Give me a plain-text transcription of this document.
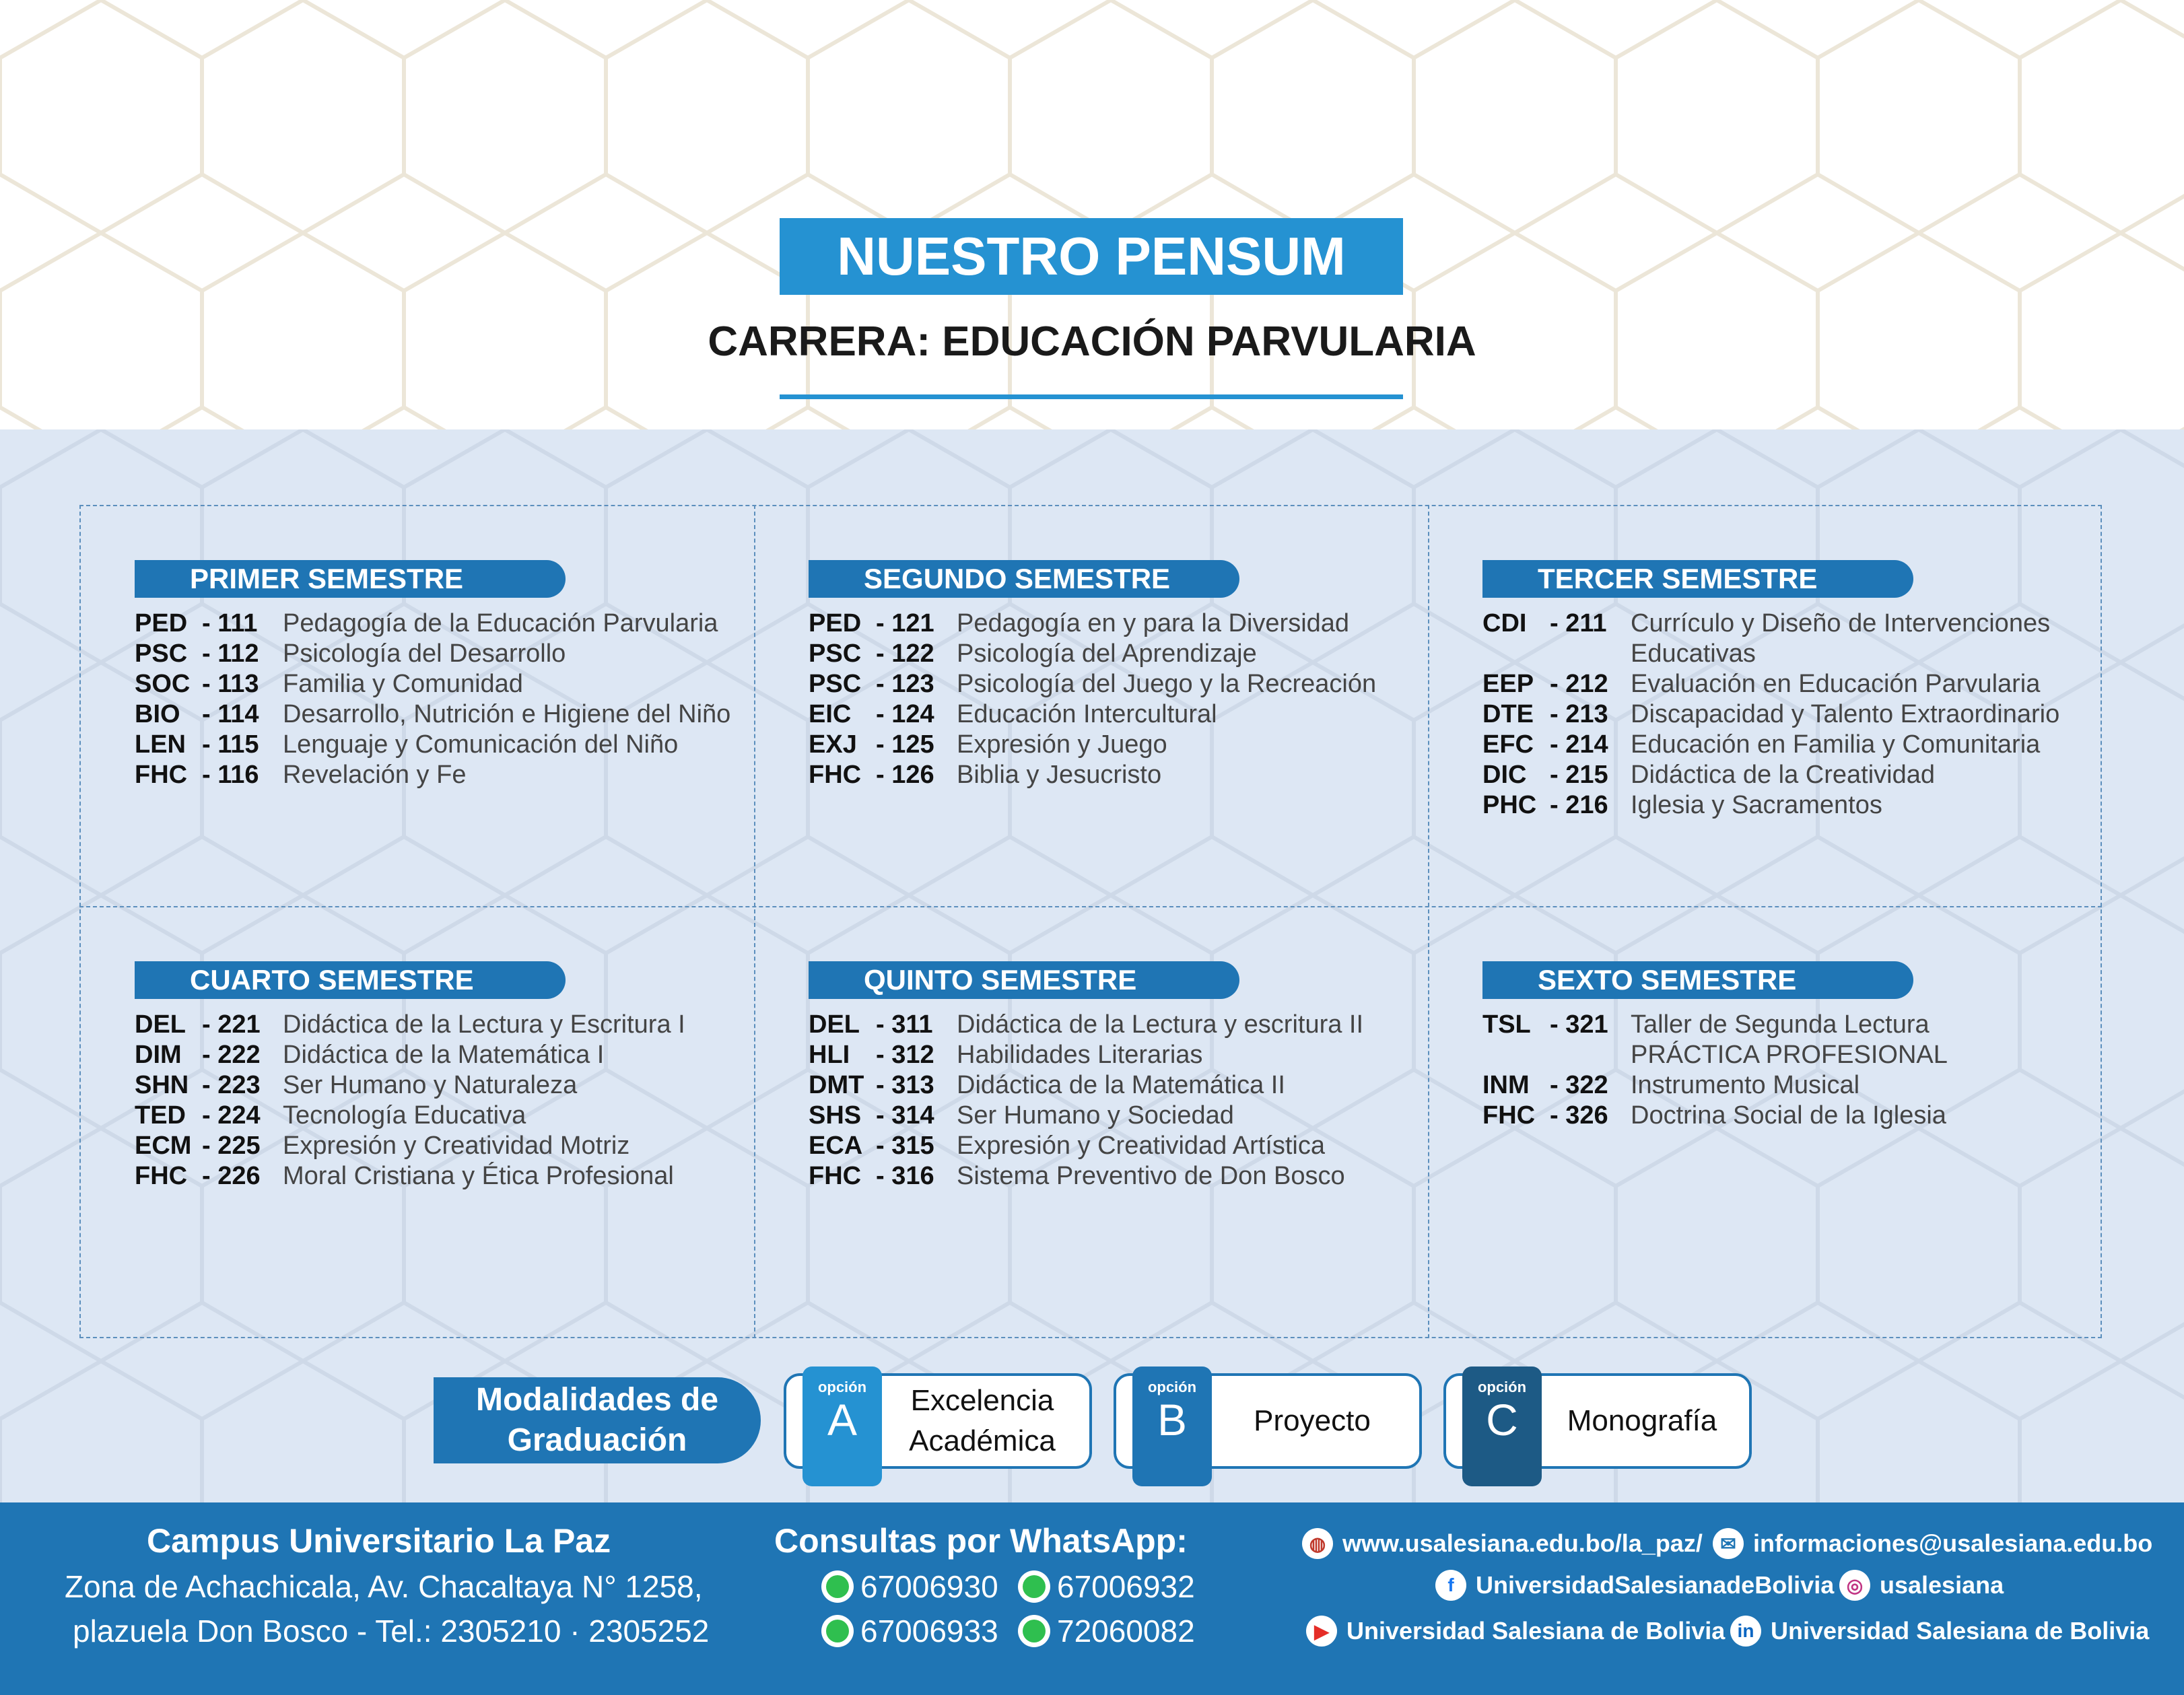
NUESTRO PENSUM
CARRERA: EDUCACIÓN PARVULARIA
PRIMER SEMESTRE
PED - 111 Pedagogía de la Educación Parvularia
PSC - 112 Psicología del Desarrollo
SOC - 113 Familia y Comunidad
BIO - 114 Desarrollo, Nutrición e Higiene del Niño
LEN - 115 Lenguaje y Comunicación del Niño
FHC - 116 Revelación y Fe
SEGUNDO SEMESTRE
PED - 121 Pedagogía en y para la Diversidad
PSC - 122 Psicología del Aprendizaje
PSC - 123 Psicología del Juego y la Recreación
EIC - 124 Educación Intercultural
EXJ - 125 Expresión y Juego
FHC - 126 Biblia y Jesucristo
TERCER SEMESTRE
CDI - 211 Currículo y Diseño de Intervenciones
Educativas
EEP - 212 Evaluación en Educación Parvularia
DTE - 213 Discapacidad y Talento Extraordinario
EFC - 214 Educación en Familia y Comunitaria
DIC - 215 Didáctica de la Creatividad
PHC - 216 Iglesia y Sacramentos
CUARTO SEMESTRE
DEL - 221 Didáctica de la Lectura y Escritura I
DIM - 222 Didáctica de la Matemática I
SHN - 223 Ser Humano y Naturaleza
TED - 224 Tecnología Educativa
ECM - 225 Expresión y Creatividad Motriz
FHC - 226 Moral Cristiana y Ética Profesional
QUINTO SEMESTRE
DEL - 311 Didáctica de la Lectura y escritura II
HLI	- 312 Habilidades Literarias
DMT - 313 Didáctica de la Matemática II
SHS - 314 Ser Humano y Sociedad
ECA - 315 Expresión y Creatividad Artística
FHC - 316 Sistema Preventivo de Don Bosco
SEXTO SEMESTRE
TSL - 321 Taller de Segunda Lectura
PRÁCTICA PROFESIONAL
INM - 322 Instrumento Musical
FHC - 326 Doctrina Social de la Iglesia
Modalidades de
Graduación
opción
A	Excelencia
Académica
opción
B	Proyecto
opción
C	Monografía
Campus Universitario La Paz
Zona de Achachicala, Av. Chacaltaya N° 1258,
plazuela Don Bosco - Tel.: 2305210 · 2305252
Consultas por WhatsApp:
67006930 67006932
67006933 72060082
◍ www.usalesiana.edu.bo/la_paz/ ✉ informaciones@usalesiana.edu.bo
f UniversidadSalesianadeBolivia ◎ usalesiana
▶ Universidad Salesiana de Bolivia in Universidad Salesiana de Bolivia
